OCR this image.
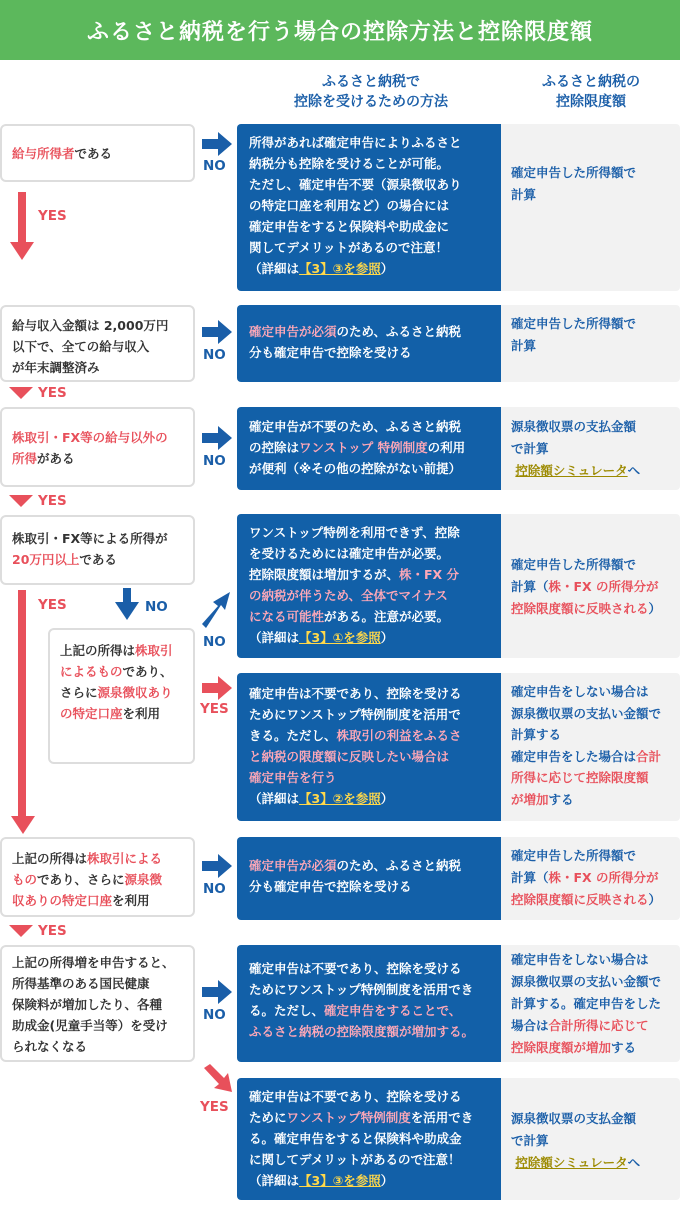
ふるさと納税を行う場合の控除方法と控除限度額
ふるさと納税で
控除を受けるための方法
ふるさと納税の
控除限度額
給与所得者である
NO
所得があれば確定申告によりふるさと
納税分も控除を受けることが可能。
ただし、確定申告不要（源泉徴収あり
の特定口座を利用など）の場合には
確定申告をすると保険料や助成金に
関してデメリットがあるので注意！
（詳細は【3】③を参照）
確定申告した所得額で
計算
YES
給与収入金額は 2,000万円
以下で、全ての給与収入
が年末調整済み
NO
確定申告が必須のため、ふるさと納税
分も確定申告で控除を受ける
確定申告した所得額で
計算
YES
株取引・FX等の給与以外の
所得がある	NO
確定申告が不要のため、ふるさと納税
の控除はワンストップ 特例制度の利用
が便利（※その他の控除がない前提）
源泉徴収票の支払金額
で計算
控除額シミュレータへ
YES
株取引・FX等による所得が
20万円以上である
YES	NO
上記の所得は株取引
によるものであり、
さらに源泉徴収あり
の特定口座を利用
NO
YES
ワンストップ特例を利用できず、控除
を受けるためには確定申告が必要。
控除限度額は増加するが、株・FX 分
の納税が伴うため、全体でマイナス
になる可能性がある。注意が必要。
（詳細は【3】①を参照）
確定申告した所得額で
計算（株・FX の所得分が
控除限度額に反映される）
確定申告は不要であり、控除を受ける
ためにワンストップ特例制度を活用で
きる。ただし、株取引の利益をふるさ
と納税の限度額に反映したい場合は
確定申告を行う
（詳細は【3】②を参照）
確定申告をしない場合は
源泉徴収票の支払い金額で
計算する
確定申告をした場合は合計
所得に応じて控除限度額
が増加する
上記の所得は株取引による
ものであり、さらに源泉徴
収ありの特定口座を利用
NO
確定申告が必須のため、ふるさと納税
分も確定申告で控除を受ける
確定申告した所得額で
計算（株・FX の所得分が
控除限度額に反映される）
YES
上記の所得増を申告すると、
所得基準のある国民健康
保険料が増加したり、各種
助成金(児童手当等）を受け
られなくなる
NO
確定申告は不要であり、控除を受ける
ためにワンストップ特例制度を活用でき
る。ただし、確定申告をすることで、
ふるさと納税の控除限度額が増加する。
確定申告をしない場合は
源泉徴収票の支払い金額で
計算する。確定申告をした
場合は合計所得に応じて
控除限度額が増加する
YES
確定申告は不要であり、控除を受ける
ためにワンストップ特例制度を活用でき
る。確定申告をすると保険料や助成金
に関してデメリットがあるので注意！
（詳細は【3】③を参照）
源泉徴収票の支払金額
で計算
控除額シミュレータへ
